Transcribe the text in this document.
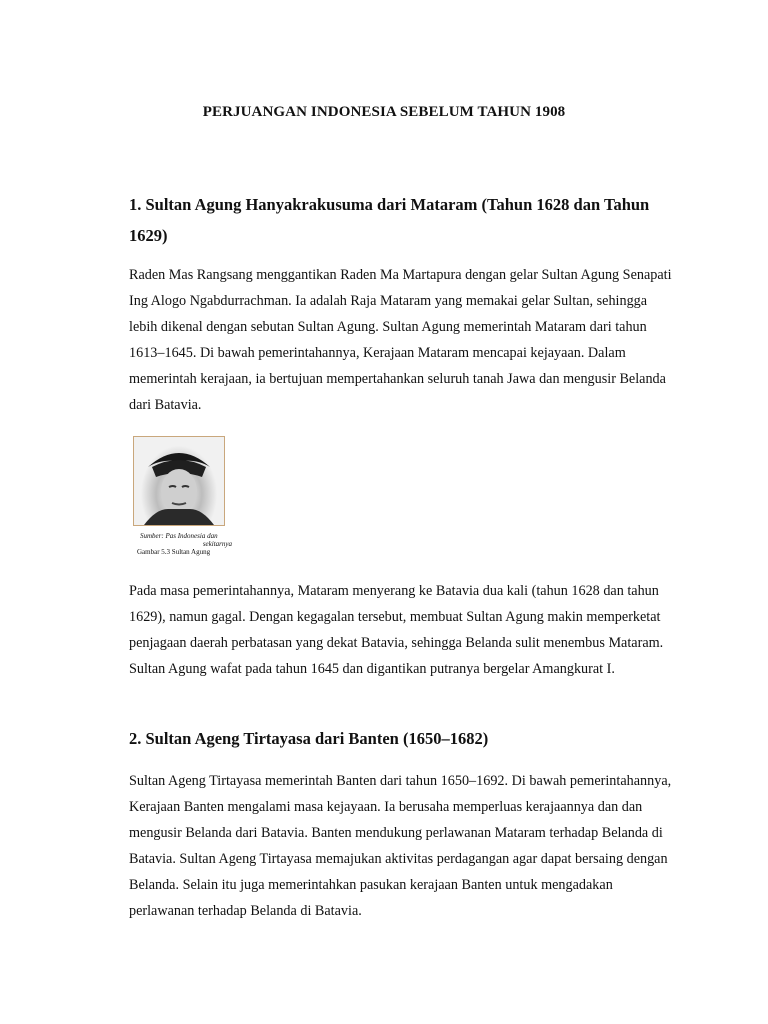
PERJUANGAN INDONESIA SEBELUM TAHUN 1908
1. Sultan Agung Hanyakrakusuma dari Mataram (Tahun 1628 dan Tahun 1629)

Raden Mas Rangsang menggantikan Raden Ma Martapura dengan gelar Sultan Agung Senapati Ing Alogo Ngabdurrachman. Ia adalah Raja Mataram yang memakai gelar Sultan, sehingga lebih dikenal dengan sebutan Sultan Agung. Sultan Agung memerintah Mataram dari tahun 1613–1645. Di bawah pemerintahannya, Kerajaan Mataram mencapai kejayaan. Dalam memerintah kerajaan, ia bertujuan mempertahankan seluruh tanah Jawa dan mengusir Belanda dari Batavia.

Sumber: Pas Indonesia dan
sekitarnya
Gambar 5.3 Sultan Agung

Pada masa pemerintahannya, Mataram menyerang ke Batavia dua kali (tahun 1628 dan tahun 1629), namun gagal. Dengan kegagalan tersebut, membuat Sultan Agung makin memperketat penjagaan daerah perbatasan yang dekat Batavia, sehingga Belanda sulit menembus Mataram. Sultan Agung wafat pada tahun 1645 dan digantikan putranya bergelar Amangkurat I.

2. Sultan Ageng Tirtayasa dari Banten (1650–1682)

Sultan Ageng Tirtayasa memerintah Banten dari tahun 1650–1692. Di bawah pemerintahannya, Kerajaan Banten mengalami masa kejayaan. Ia berusaha memperluas kerajaannya dan dan mengusir Belanda dari Batavia. Banten mendukung perlawanan Mataram terhadap Belanda di Batavia. Sultan Ageng Tirtayasa memajukan aktivitas perdagangan agar dapat bersaing dengan Belanda. Selain itu juga memerintahkan pasukan kerajaan Banten untuk mengadakan perlawanan terhadap Belanda di Batavia.
